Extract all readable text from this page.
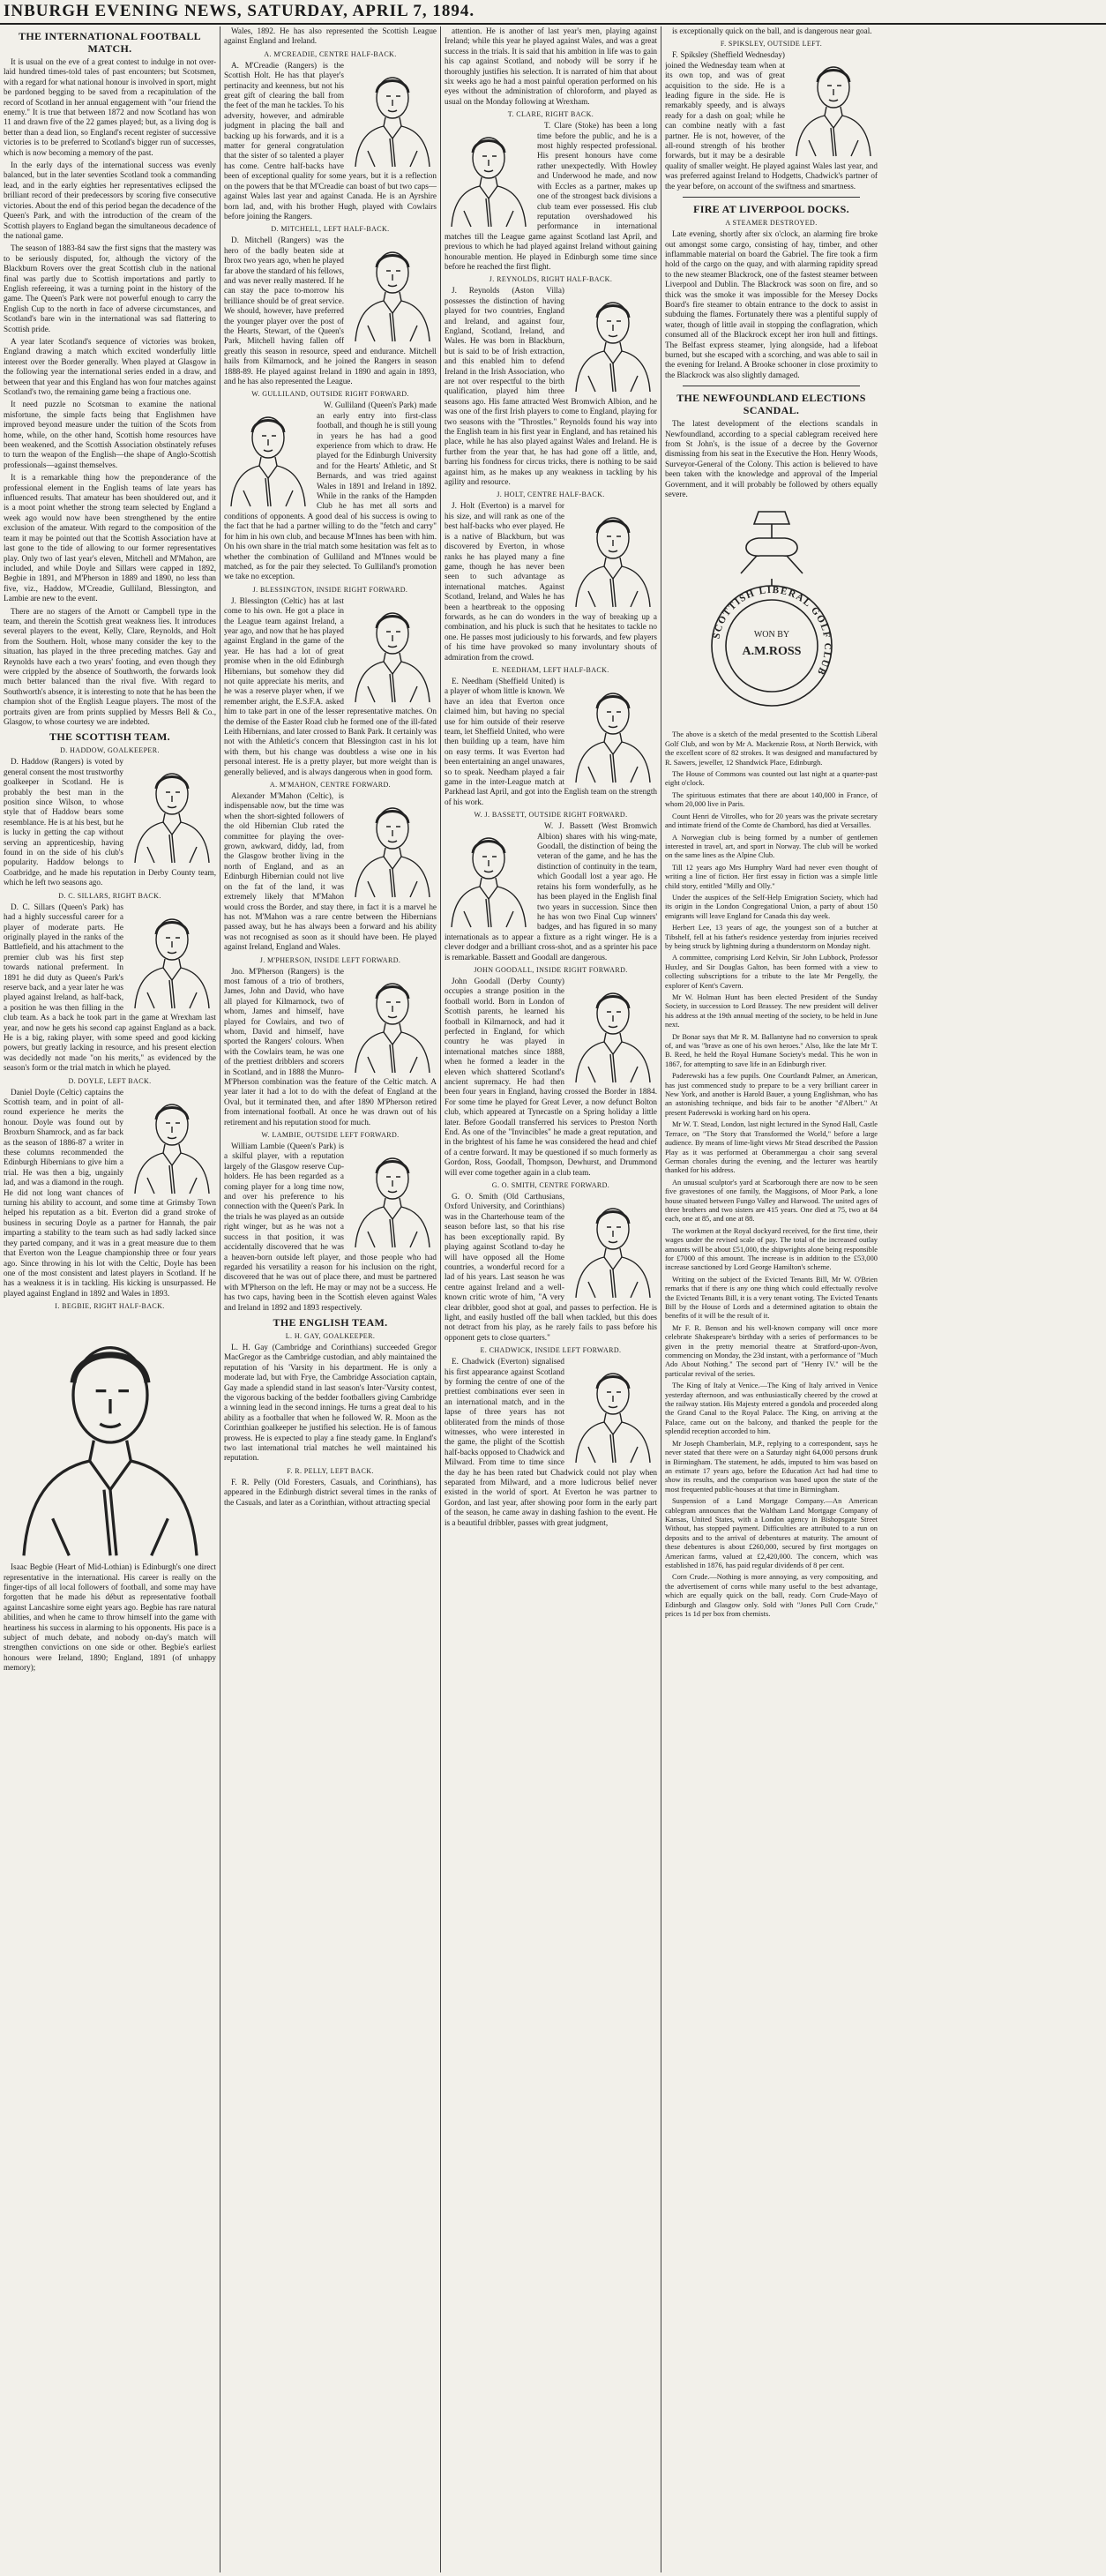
INBURGH EVENING NEWS, SATURDAY, APRIL 7, 1894.
THE INTERNATIONAL FOOTBALL MATCH.

It is usual on the eve of a great contest to indulge in not over-laid hundred times-told tales of past encounters; but Scotsmen, with a regard for what national honour is involved in sport, might be pardoned begging to be saved from a recapitulation of the record of Scotland in her annual engagement with "our friend the enemy." It is true that between 1872 and now Scotland has won 11 and drawn five of the 22 games played; but, as a living dog is better than a dead lion, so England's recent register of successive victories is to be preferred to Scotland's bigger run of successes, which is now becoming a memory of the past.

In the early days of the international success was evenly balanced, but in the later seventies Scotland took a commanding lead, and in the early eighties her representatives eclipsed the brilliant record of their predecessors by scoring five consecutive victories. About the end of this period began the decadence of the Queen's Park, and with the introduction of the cream of the Scottish players to England began the simultaneous decadence of the national game.

The season of 1883-84 saw the first signs that the mastery was to be seriously disputed, for, although the victory of the Blackburn Rovers over the great Scottish club in the national final was partly due to Scottish importations and partly to English refereeing, it was a turning point in the history of the game. The Queen's Park were not powerful enough to carry the English Cup to the north in face of adverse circumstances, and Scotland's bare win in the international was sad flattering to Scottish pride.

A year later Scotland's sequence of victories was broken, England drawing a match which excited wonderfully little interest over the Border generally. When played at Glasgow in the following year the international series ended in a draw, and between that year and this England has won four matches against Scotland's two, the remaining game being a fractious one.

It need puzzle no Scotsman to examine the national misfortune, the simple facts being that Englishmen have improved beyond measure under the tuition of the Scots from home, while, on the other hand, Scottish home resources have been weakened, and the Scottish Association obstinately refuses to turn the weapon of the English—the shape of Anglo-Scottish professionals—against themselves.

It is a remarkable thing how the preponderance of the professional element in the English teams of late years has influenced results. That amateur has been shouldered out, and it is a moot point whether the strong team selected by England a week ago would now have been strengthened by the entire exclusion of the amateur. With regard to the composition of the team it may be pointed out that the Scottish Association have at last gone to the tide of allowing to our former representatives play. Only two of last year's eleven, Mitchell and M'Mahon, are included, and while Doyle and Sillars were capped in 1892, Begbie in 1891, and M'Pherson in 1889 and 1890, no less than five, viz., Haddow, M'Creadie, Gulliland, Blessington, and Lambie are new to the event.

There are no stagers of the Arnott or Campbell type in the team, and therein the Scottish great weakness lies. It introduces several players to the event, Kelly, Clare, Reynolds, and Holt from the Southern. Holt, whose many consider the key to the situation, has played in the three preceding matches. Gay and Reynolds have each a two years' footing, and even though they were crippled by the absence of Southworth, the forwards look much better balanced than the rival five. With regard to Southworth's absence, it is interesting to note that he has been the champion shot of the English League players. The most of the portraits given are from prints supplied by Messrs Bell & Co., Glasgow, to whose courtesy we are indebted.

THE SCOTTISH TEAM.
D. HADDOW, GOALKEEPER.

D. Haddow (Rangers) is voted by general consent the most trustworthy goalkeeper in Scotland. He is probably the best man in the position since Wilson, to whose style that of Haddow bears some resemblance. He is at his best, but he is lucky in getting the cap without serving an apprenticeship, having found in on the side of his club's popularity. Haddow belongs to Coatbridge, and he made his reputation in Derby County team, which he left two seasons ago.

D. C. SILLARS, RIGHT BACK.

D. C. Sillars (Queen's Park) has had a highly successful career for a player of moderate parts. He originally played in the ranks of the Battlefield, and his attachment to the premier club was his first step towards national preferment. In 1891 he did duty as Queen's Park's reserve back, and a year later he was played against Ireland, as half-back, a position he was then filling in the club team. As a back he took part in the game at Wrexham last year, and now he gets his second cap against England as a back. He is a big, raking player, with some speed and good kicking powers, but greatly lacking in resource, and his present election was decidedly not made "on his merits," as evidenced by the season's form or the trial match in which he played.

D. DOYLE, LEFT BACK.

Daniel Doyle (Celtic) captains the Scottish team, and in point of all-round experience he merits the honour. Doyle was found out by Broxburn Shamrock, and as far back as the season of 1886-87 a writer in these columns recommended the Edinburgh Hibernians to give him a trial. He was then a big, ungainly lad, and was a diamond in the rough. He did not long want chances of turning his ability to account, and some time at Grimsby Town helped his reputation as a bit. Everton did a grand stroke of business in securing Doyle as a partner for Hannah, the pair imparting a stability to the team such as had sadly lacked since they parted company, and it was in a great measure due to them that Everton won the League championship three or four years ago. Since throwing in his lot with the Celtic, Doyle has been one of the most consistent and latest players in Scotland. If he has a weakness it is in tackling. His kicking is unsurpassed. He played against England in 1892 and Wales in 1893.

I. BEGBIE, RIGHT HALF-BACK.

Isaac Begbie (Heart of Mid-Lothian) is Edinburgh's one direct representative in the international. His career is really on the finger-tips of all local followers of football, and some may have forgotten that he made his début as representative football against Lancashire some eight years ago. Begbie has rare natural abilities, and when he came to throw himself into the game with heartiness his success in alarming to his opponents. His pace is a subject of much debate, and nobody on-day's match will strengthen convictions on one side or other. Begbie's earliest honours were Ireland, 1890; England, 1891 (of unhappy memory);

Wales, 1892. He has also represented the Scottish League against England and Ireland.

A. M'CREADIE, CENTRE HALF-BACK.

A. M'Creadie (Rangers) is the Scottish Holt. He has that player's pertinacity and keenness, but not his great gift of clearing the ball from the feet of the man he tackles. To his adversity, however, and admirable judgment in placing the ball and backing up his forwards, and it is a matter for general congratulation that the sister of so talented a player has come. Centre half-backs have been of exceptional quality for some years, but it is a reflection on the powers that be that M'Creadie can boast of but two caps—against Wales last year and against Canada. He is an Ayrshire born lad, and, with his brother Hugh, played with Cowlairs before joining the Rangers.

D. MITCHELL, LEFT HALF-BACK.

D. Mitchell (Rangers) was the hero of the badly beaten side at Ibrox two years ago, when he played far above the standard of his fellows, and was never really mastered. If he can stay the pace to-morrow his brilliance should be of great service. We should, however, have preferred the younger player over the post of the Hearts, Stewart, of the Queen's Park, Mitchell having fallen off greatly this season in resource, speed and endurance. Mitchell hails from Kilmarnock, and he joined the Rangers in season 1888-89. He played against Ireland in 1890 and again in 1893, and he has also represented the League.

W. GULLILAND, OUTSIDE RIGHT FORWARD.

W. Gulliland (Queen's Park) made an early entry into first-class football, and though he is still young in years he has had a good experience from which to draw. He played for the Edinburgh University and for the Hearts' Athletic, and St Bernards, and was tried against Wales in 1891 and Ireland in 1892. While in the ranks of the Hampden Club he has met all sorts and conditions of opponents. A good deal of his success is owing to the fact that he had a partner willing to do the "fetch and carry" for him in his own club, and because M'Innes has been with him. On his own share in the trial match some hesitation was felt as to whether the combination of Gulliland and M'Innes would be matched, as for the pair they selected. To Gulliland's promotion we take no exception.

J. BLESSINGTON, INSIDE RIGHT FORWARD.

J. Blessington (Celtic) has at last come to his own. He got a place in the League team against Ireland, a year ago, and now that he has played against England in the game of the year. He has had a lot of great promise when in the old Edinburgh Hibernians, but somehow they did not quite appreciate his merits, and he was a reserve player when, if we remember aright, the E.S.F.A. asked him to take part in one of the lesser representative matches. On the demise of the Easter Road club he formed one of the ill-fated Leith Hibernians, and later crossed to Bank Park. It certainly was not with the Athletic's concern that Blessington cast in his lot with them, but his change was doubtless a wise one in his personal interest. He is a pretty player, but more weight than is generally believed, and is always dangerous when in good form.

A. M'MAHON, CENTRE FORWARD.

Alexander M'Mahon (Celtic), is indispensable now, but the time was when the short-sighted followers of the old Hibernian Club rated the committee for playing the over-grown, awkward, diddy, lad, from the Glasgow brother living in the north of England, and as an Edinburgh Hibernian could not live on the fat of the land, it was extremely likely that M'Mahon would cross the Border, and stay there, in fact it is a marvel he has not. M'Mahon was a rare centre between the Hibernians passed away, but he has always been a forward and his ability was not recognised as soon as it should have been. He played against Ireland, England and Wales.

J. M'PHERSON, INSIDE LEFT FORWARD.

Jno. M'Pherson (Rangers) is the most famous of a trio of brothers, James, John and David, who have all played for Kilmarnock, two of whom, James and himself, have played for Cowlairs, and two of whom, David and himself, have sported the Rangers' colours. When with the Cowlairs team, he was one of the prettiest dribblers and scorers in Scotland, and in 1888 the Munro-M'Pherson combination was the feature of the Celtic match. A year later it had a lot to do with the defeat of England at the Oval, but it terminated then, and after 1890 M'Pherson retired from international football. At once he was drawn out of his retirement and his reputation stood for much.

W. LAMBIE, OUTSIDE LEFT FORWARD.

William Lambie (Queen's Park) is a skilful player, with a reputation largely of the Glasgow reserve Cup-holders. He has been regarded as a coming player for a long time now, and over his preference to his connection with the Queen's Park. In the trials he was played as an outside right winger, but as he was not a success in that position, it was accidentally discovered that he was a heaven-born outside left player, and those people who had regarded his versatility a reason for his inclusion on the right, discovered that he was out of place there, and must be partnered with M'Pherson on the left. He may or may not be a success. He has two caps, having been in the Scottish eleven against Wales and Ireland in 1892 and 1893 respectively.

THE ENGLISH TEAM.
L. H. GAY, GOALKEEPER.

L. H. Gay (Cambridge and Corinthians) succeeded Gregor MacGregor as the Cambridge custodian, and ably maintained the reputation of his 'Varsity in his department. He is only a moderate lad, but with Frye, the Cambridge Association captain, Gay made a splendid stand in last season's Inter-'Varsity contest, the vigorous backing of the bedder footballers giving Cambridge a winning lead in the second innings. He turns a great deal to his ability as a footballer that when he followed W. R. Moon as the Corinthian goalkeeper he justified his selection. He is of famous prowess. He is expected to play a fine steady game. In England's two last international trial matches he well maintained his reputation.

F. R. PELLY, LEFT BACK.

F. R. Pelly (Old Foresters, Casuals, and Corinthians), has appeared in the Edinburgh district several times in the ranks of the Casuals, and later as a Corinthian, without attracting special

attention. He is another of last year's men, playing against Ireland; while this year he played against Wales, and was a great success in the trials. It is said that his ambition in life was to gain his cap against Scotland, and nobody will be sorry if he thoroughly justifies his selection. It is narrated of him that about six weeks ago he had a most painful operation performed on his eyes without the administration of chloroform, and played as usual on the Monday following at Wrexham.

T. CLARE, RIGHT BACK.

T. Clare (Stoke) has been a long time before the public, and he is a most highly respected professional. His present honours have come rather unexpectedly. With Howley and Underwood he made, and now with Eccles as a partner, makes up one of the strongest back divisions a club team ever possessed. His club reputation overshadowed his performance in international matches till the League game against Scotland last April, and previous to which he had played against Ireland without gaining honourable mention. He played in Edinburgh some time since before he reached the first flight.

J. REYNOLDS, RIGHT HALF-BACK.

J. Reynolds (Aston Villa) possesses the distinction of having played for two countries, England and Ireland, and against four, England, Scotland, Ireland, and Wales. He was born in Blackburn, but is said to be of Irish extraction, and this enabled him to defend Ireland in the Irish Association, who are not over respectful to the birth qualification, played him three seasons ago. His fame attracted West Bromwich Albion, and he was one of the first Irish players to come to England, playing for two seasons with the "Throstles." Reynolds found his way into the English team in his first year in England, and has retained his place, while he has also played against Wales and Ireland. He is further from the year that, he has had gone off a little, and, barring his fondness for circus tricks, there is nothing to be said against him, as he makes up any weakness in tackling by his agility and resource.

J. HOLT, CENTRE HALF-BACK.

J. Holt (Everton) is a marvel for his size, and will rank as one of the best half-backs who ever played. He is a native of Blackburn, but was discovered by Everton, in whose ranks he has played many a fine game, though he has never been seen to such advantage as international matches. Against Scotland, Ireland, and Wales he has been a heartbreak to the opposing forwards, as he can do wonders in the way of breaking up a combination, and his pluck is such that he hesitates to tackle no one. He passes most judiciously to his forwards, and few players of his time have provoked so many involuntary shouts of admiration from the crowd.

E. NEEDHAM, LEFT HALF-BACK.

E. Needham (Sheffield United) is a player of whom little is known. We have an idea that Everton once claimed him, but having no special use for him outside of their reserve team, let Sheffield United, who were then building up a team, have him on easy terms. It was Everton had been entertaining an angel unawares, so to speak. Needham played a fair game in the inter-League match at Parkhead last April, and got into the English team on the strength of his work.

W. J. BASSETT, OUTSIDE RIGHT FORWARD.

W. J. Bassett (West Bromwich Albion) shares with his wing-mate, Goodall, the distinction of being the veteran of the game, and he has the distinction of continuity in the team, which Goodall lost a year ago. He retains his form wonderfully, as he has been played in the English final two years in succession. Since then he has won two Final Cup winners' badges, and has figured in so many internationals as to appear a fixture as a right winger. He is a clever dodger and a brilliant cross-shot, and as a sprinter his pace is remarkable. Bassett and Goodall are dangerous.

JOHN GOODALL, INSIDE RIGHT FORWARD.

John Goodall (Derby County) occupies a strange position in the football world. Born in London of Scottish parents, he learned his football in Kilmarnock, and had it perfected in England, for which country he was played in international matches since 1888, when he formed a leader in the eleven which shattered Scotland's ancient supremacy. He had then been four years in England, having crossed the Border in 1884. For some time he played for Great Lever, a now defunct Bolton club, which appeared at Tynecastle on a Spring holiday a little later. Before Goodall transferred his services to Preston North End. As one of the "Invincibles" he made a great reputation, and in the brightest of his fame he was considered the head and chief of a centre forward. It may be questioned if so much formerly as Gordon, Ross, Goodall, Thompson, Dewhurst, and Drummond will ever come together again in a club team.

G. O. SMITH, CENTRE FORWARD.

G. O. Smith (Old Carthusians, Oxford University, and Corinthians) was in the Charterhouse team of the season before last, so that his rise has been exceptionally rapid. By playing against Scotland to-day he will have opposed all the Home countries, a wonderful record for a lad of his years. Last season he was centre against Ireland and a well-known critic wrote of him, "A very clear dribbler, good shot at goal, and passes to perfection. He is light, and easily hustled off the ball when tackled, but this does not detract from his play, as he rarely fails to pass before his opponent gets to close quarters."

E. CHADWICK, INSIDE LEFT FORWARD.

E. Chadwick (Everton) signalised his first appearance against Scotland by forming the centre of one of the prettiest combinations ever seen in an international match, and in the lapse of three years has not obliterated from the minds of those witnesses, who were interested in the game, the plight of the Scottish half-backs opposed to Chadwick and Milward. From time to time since the day he has been rated but Chadwick could not play when separated from Milward, and a more ludicrous belief never existed in the world of sport. At Everton he was partner to Gordon, and last year, after showing poor form in the early part of the season, he came away in dashing fashion to the event. He is a beautiful dribbler, passes with great judgment,

is exceptionally quick on the ball, and is dangerous near goal.

F. SPIKSLEY, OUTSIDE LEFT.

F. Spiksley (Sheffield Wednesday) joined the Wednesday team when at its own top, and was of great acquisition to the side. He is a leading figure in the side. He is remarkably speedy, and is always ready for a dash on goal; while he can combine neatly with a fast partner. He is not, however, of the all-round strength of his brother forwards, but it may be a desirable quality of smaller weight. He played against Wales last year, and was preferred against Ireland to Hodgetts, Chadwick's partner of the year before, on account of the swiftness and smartness.

FIRE AT LIVERPOOL DOCKS.
A STEAMER DESTROYED.

Late evening, shortly after six o'clock, an alarming fire broke out amongst some cargo, consisting of hay, timber, and other inflammable material on board the Gabriel. The fire took a firm hold of the cargo on the quay, and with alarming rapidity spread to the new steamer Blackrock, one of the fastest steamer between Liverpool and Dublin. The Blackrock was soon on fire, and so thick was the smoke it was impossible for the Mersey Docks Board's fire steamer to obtain entrance to the dock to assist in subduing the flames. Fortunately there was a plentiful supply of water, though of little avail in stopping the conflagration, which consumed all of the Blackrock except her iron hull and fittings. The Belfast express steamer, lying alongside, had a lifeboat burned, but she escaped with a scorching, and was able to sail in the evening for Ireland. A Brooke schooner in close proximity to the Blackrock was also slightly damaged.

THE NEWFOUNDLAND ELECTIONS SCANDAL.

The latest development of the elections scandals in Newfoundland, according to a special cablegram received here from St John's, is the issue of a decree by the Governor dismissing from his seat in the Executive the Hon. Henry Woods, Surveyor-General of the Colony. This action is believed to have been taken with the knowledge and approval of the Imperial Government, and it will probably be followed by others equally severe.

SCOTTISH LIBERAL GOLF CLUB
WON BY
A.M.ROSS

The above is a sketch of the medal presented to the Scottish Liberal Golf Club, and won by Mr A. Mackenzie Ross, at North Berwick, with the excellent score of 82 strokes. It was designed and manufactured by R. Sawers, jeweller, 12 Shandwick Place, Edinburgh.

The House of Commons was counted out last night at a quarter-past eight o'clock.

The spirituous estimates that there are about 140,000 in France, of whom 20,000 live in Paris.

Count Henri de Vitrolles, who for 20 years was the private secretary and intimate friend of the Comte de Chambord, has died at Versailles.

A Norwegian club is being formed by a number of gentlemen interested in travel, art, and sport in Norway. The club will be worked on the same lines as the Alpine Club.

Till 12 years ago Mrs Humphry Ward had never even thought of writing a line of fiction. Her first essay in fiction was a simple little child story, entitled "Milly and Olly."

Under the auspices of the Self-Help Emigration Society, which had its origin in the London Congregational Union, a party of about 150 emigrants will leave England for Canada this day week.

Herbert Lee, 13 years of age, the youngest son of a butcher at Tibshelf, fell at his father's residence yesterday from injuries received by being struck by lightning during a thunderstorm on Monday night.

A committee, comprising Lord Kelvin, Sir John Lubbock, Professor Huxley, and Sir Douglas Galton, has been formed with a view to collecting subscriptions for a tribute to the late Mr Pengelly, the explorer of Kent's Cavern.

Mr W. Holman Hunt has been elected President of the Sunday Society, in succession to Lord Brassey. The new president will deliver his address at the 19th annual meeting of the society, to be held in June next.

Dr Bonar says that Mr R. M. Ballantyne had no conversion to speak of, and was "brave as one of his own heroes." Also, like the late Mr T. B. Reed, he held the Royal Humane Society's medal. This he won in 1867, for attempting to save life in an Edinburgh river.

Paderewski has a few pupils. One Courtlandt Palmer, an American, has just commenced study to prepare to be a very brilliant career in New York, and another is Harold Bauer, a young Englishman, who has an astonishing technique, and bids fair to be another "d'Albert." At present Paderewski is working hard on his opera.

Mr W. T. Stead, London, last night lectured in the Synod Hall, Castle Terrace, on "The Story that Transformed the World," before a large audience. By means of lime-light views Mr Stead described the Passion Play as it was performed at Oberammergau a choir sang several German chorales during the evening, and the lecturer was heartily thanked for his address.

An unusual sculptor's yard at Scarborough there are now to be seen five gravestones of one family, the Maggisons, of Moor Park, a lone house situated between Fungo Valley and Harwood. The united ages of three brothers and two sisters are 415 years. One died at 75, two at 84 each, one at 85, and one at 88.

The workmen at the Royal dockyard received, for the first time, their wages under the revised scale of pay. The total of the increased outlay amounts will be about £51,000, the shipwrights alone being responsible for £7000 of this amount. The increase is in addition to the £53,000 increase sanctioned by Lord George Hamilton's scheme.

Writing on the subject of the Evicted Tenants Bill, Mr W. O'Brien remarks that if there is any one thing which could effectually revolve the Evicted Tenants Bill, it is a very tenant voting. The Evicted Tenants Bill by the House of Lords and a determined agitation to obtain the benefits of it will be the result of it.

Mr F. R. Benson and his well-known company will once more celebrate Shakespeare's birthday with a series of performances to be given in the pretty memorial theatre at Stratford-upon-Avon, commencing on Monday, the 23d instant, with a performance of "Much Ado About Nothing." The second part of "Henry IV." will be the particular revival of the series.

The King of Italy at Venice.—The King of Italy arrived in Venice yesterday afternoon, and was enthusiastically cheered by the crowd at the railway station. His Majesty entered a gondola and proceeded along the Grand Canal to the Royal Palace. The King, on arriving at the Palace, came out on the balcony, and thanked the people for the splendid reception accorded to him.

Mr Joseph Chamberlain, M.P., replying to a correspondent, says he never stated that there were on a Saturday night 64,000 persons drunk in Birmingham. The statement, he adds, imputed to him was based on an estimate 17 years ago, before the Education Act had had time to show its results, and the comparison was based upon the state of the most frequented public-houses at that time in Birmingham.

Suspension of a Land Mortgage Company.—An American cablegram announces that the Waltham Land Mortgage Company of Kansas, United States, with a London agency in Bishopsgate Street Without, has stopped payment. Difficulties are attributed to a run on deposits and to the arrival of debentures at maturity. The amount of these debentures is about £260,000, secured by first mortgages on American farms, valued at £2,420,000. The concern, which was established in 1876, has paid regular dividends of 8 per cent.

Corn Crude.—Nothing is more annoying, as very compositing, and the advertisement of corns while many useful to the best advantage, which are equally quick on the ball, ready. Corn Crude-Mayo of Edinburgh and Glasgow only. Sold with "Jones Pull Corn Crude," prices 1s 1d per box from chemists.
